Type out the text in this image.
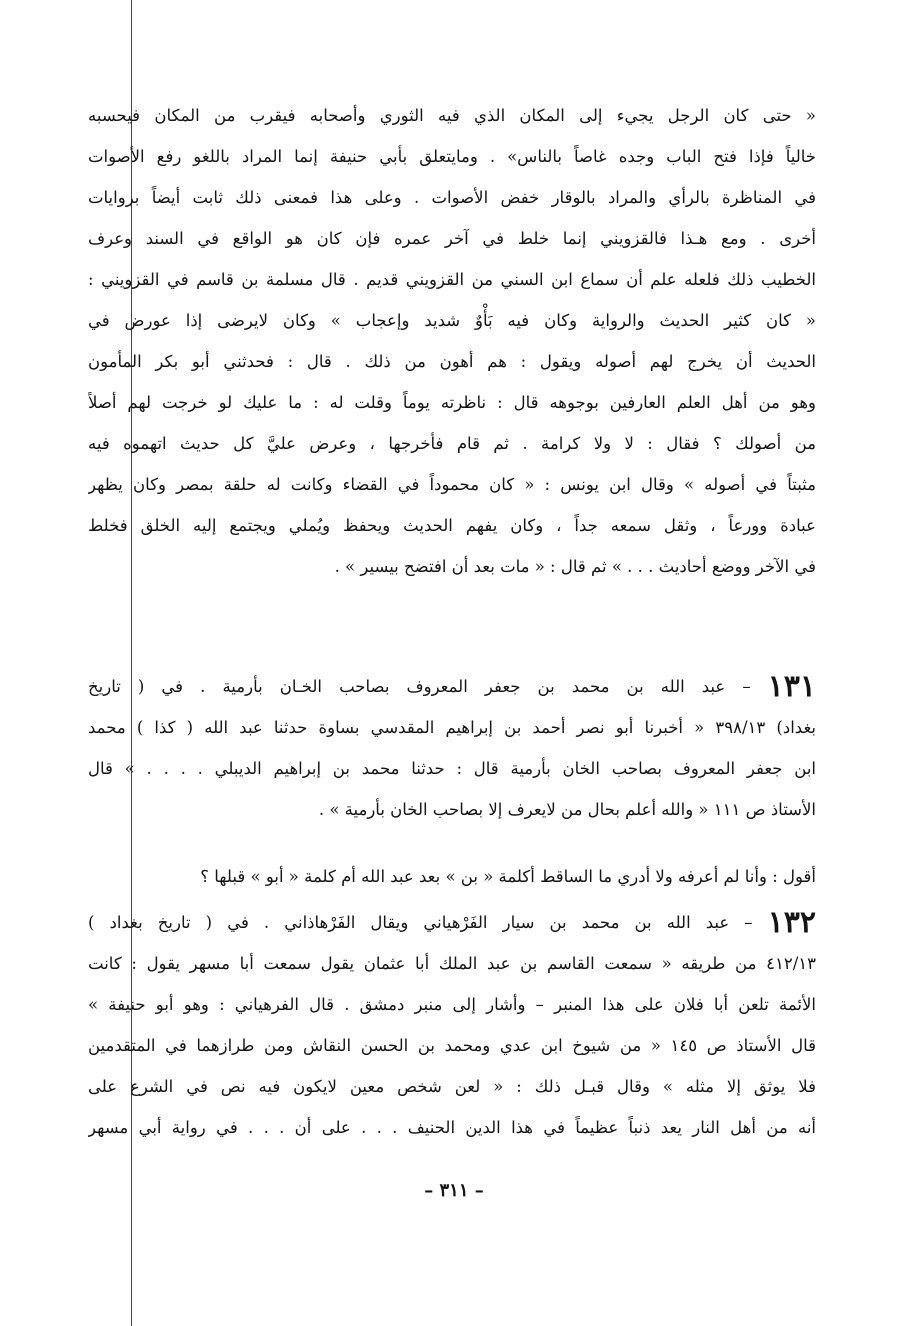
« حتى كان الرجل يجيء إلى المكان الذي فيه الثوري وأصحابه فيقرب من المكان فيحسبه
خالياً فإذا فتح الباب وجده غاصاً بالناس» . ومايتعلق بأبي حنيفة إنما المراد باللغو رفع الأصوات
في المناظرة بالرأي والمراد بالوقار خفض الأصوات . وعلى هذا فمعنى ذلك ثابت أيضاً بروايات
أخرى . ومع هـذا فالقزويني إنما خلط في آخر عمره فإن كان هو الواقع في السند وعرف
الخطيب ذلك فلعله علم أن سماع ابن السني من القزويني قديم . قال مسلمة بن قاسم في القزويني :
« كان كثير الحديث والرواية وكان فيه بَأْوٌ شديد وإعجاب » وكان لايرضى إذا عورض في
الحديث أن يخرج لهم أصوله ويقول : هم أهون من ذلك . قال : فحدثني أبو بكر المأمون
وهو من أهل العلم العارفين بوجوهه قال : ناظرته يوماً وقلت له : ما عليك لو خرجت لهم أصلاً
من أصولك ؟ فقال : لا ولا كرامة . ثم قام فأخرجها ، وعرض عليَّ كل حديث اتهموه فيه
مثبتاً في أصوله » وقال ابن يونس : « كان محموداً في القضاء وكانت له حلقة بمصر وكان يظهر
عبادة وورعاً ، وثقل سمعه جداً ، وكان يفهم الحديث ويحفظ ويُملي ويجتمع إليه الخلق فخلط
في الآخر ووضع أحاديث . . . » ثم قال : « مات بعد أن افتضح بيسير » .
١٣١ – عبد الله بن محمد بن جعفر المعروف بصاحب الخـان بأرمية . في ( تاريخ
بغداد) ٣٩٨/١٣ « أخبرنا أبو نصر أحمد بن إبراهيم المقدسي بساوة حدثنا عبد الله ( كذا ) محمد
ابن جعفر المعروف بصاحب الخان بأرمية قال : حدثنا محمد بن إبراهيم الديبلي . . . . » قال
الأستاذ ص ١١١ « والله أعلم بحال من لايعرف إلا بصاحب الخان بأرمية » .
أقول : وأنا لم أعرفه ولا أدري ما الساقط أكلمة « بن » بعد عبد الله أم كلمة « أبو » قبلها ؟
١٣٢ – عبد الله بن محمد بن سيار الفَرْهياني ويقال الفَرْهاذاني . في ( تاريخ بغداد )
٤١٢/١٣ من طريقه « سمعت القاسم بن عبد الملك أبا عثمان يقول سمعت أبا مسهر يقول : كانت
الأئمة تلعن أبا فلان على هذا المنبر – وأشار إلى منبر دمشق . قال الفرهياني : وهو أبو حنيفة »
قال الأستاذ ص ١٤٥ « من شيوخ ابن عدي ومحمد بن الحسن النقاش ومن طرازهما في المتقدمين
فلا يوثق إلا مثله » وقال قبـل ذلك : « لعن شخص معين لايكون فيه نص في الشرع على
أنه من أهل النار يعد ذنباً عظيماً في هذا الدين الحنيف . . . على أن . . . في رواية أبي مسهر
– ٣١١ –
